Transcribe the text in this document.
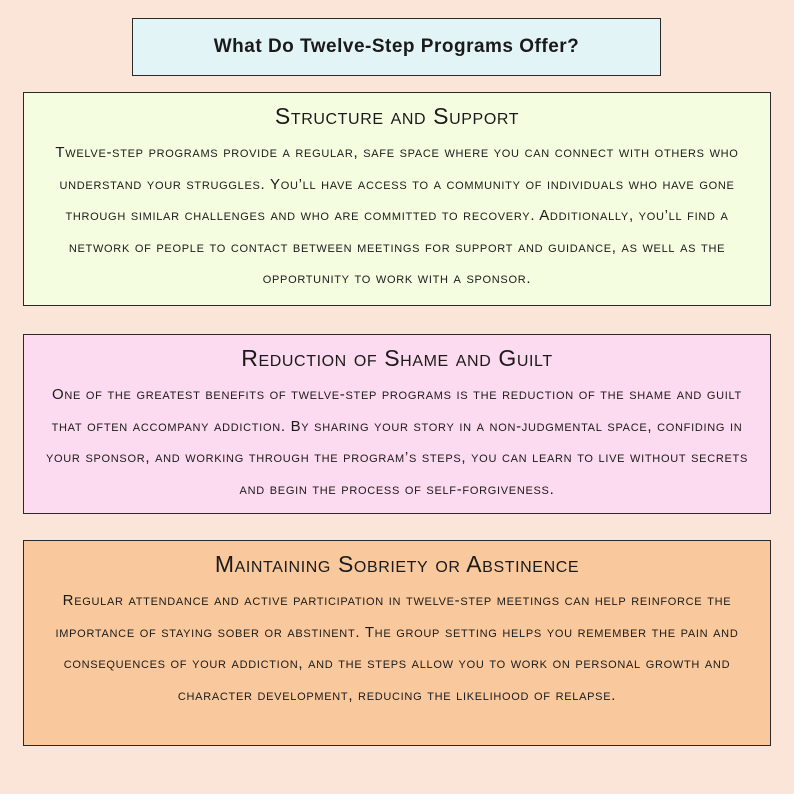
What Do Twelve-Step Programs Offer?
Structure and Support

Twelve-step programs provide a regular, safe space where you can connect with others who understand your struggles. You’ll have access to a community of individuals who have gone through similar challenges and who are committed to recovery. Additionally, you’ll find a network of people to contact between meetings for support and guidance, as well as the opportunity to work with a sponsor.

Reduction of Shame and Guilt

One of the greatest benefits of twelve-step programs is the reduction of the shame and guilt that often accompany addiction. By sharing your story in a non-judgmental space, confiding in your sponsor, and working through the program’s steps, you can learn to live without secrets and begin the process of self-forgiveness.

Maintaining Sobriety or Abstinence

Regular attendance and active participation in twelve-step meetings can help reinforce the importance of staying sober or abstinent. The group setting helps you remember the pain and consequences of your addiction, and the steps allow you to work on personal growth and character development, reducing the likelihood of relapse.
